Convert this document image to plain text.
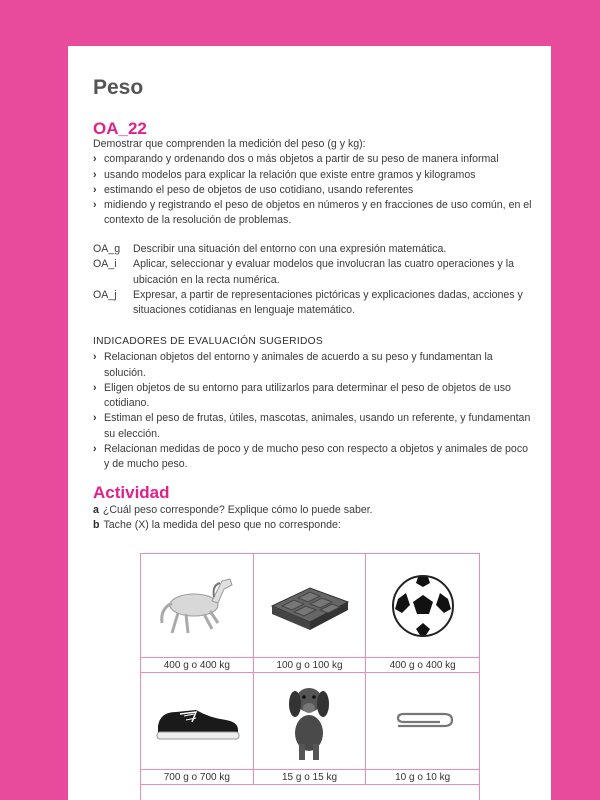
Peso
OA_22

Demostrar que comprenden la medición del peso (g y kg):

› comparando y ordenando dos o más objetos a partir de su peso de manera informal
› usando modelos para explicar la relación que existe entre gramos y kilogramos
› estimando el peso de objetos de uso cotidiano, usando referentes
› midiendo y registrando el peso de objetos en números y en fracciones de uso común, en el contexto de la resolución de problemas.
OA_g	Describir una situación del entorno con una expresión matemática.
OA_i	Aplicar, seleccionar y evaluar modelos que involucran las cuatro operaciones y la ubicación en la recta numérica.
OA_j	Expresar, a partir de representaciones pictóricas y explicaciones dadas, acciones y situaciones cotidianas en lenguaje matemático.
INDICADORES DE EVALUACIÓN SUGERIDOS
› Relacionan objetos del entorno y animales de acuerdo a su peso y fundamentan la solución.
› Eligen objetos de su entorno para utilizarlos para determinar el peso de objetos de uso cotidiano.
› Estiman el peso de frutas, útiles, mascotas, animales, usando un referente, y fundamentan su elección.
› Relacionan medidas de poco y de mucho peso con respecto a objetos y animales de poco y de mucho peso.
Actividad
a ¿Cuál peso corresponde? Explique cómo lo puede saber.
b Tache (X) la medida del peso que no corresponde:
400 g o 400 kg	100 g o 100 kg	400 g o 400 kg
700 g o 700 kg	15 g o 15 kg	10 g o 10 kg
